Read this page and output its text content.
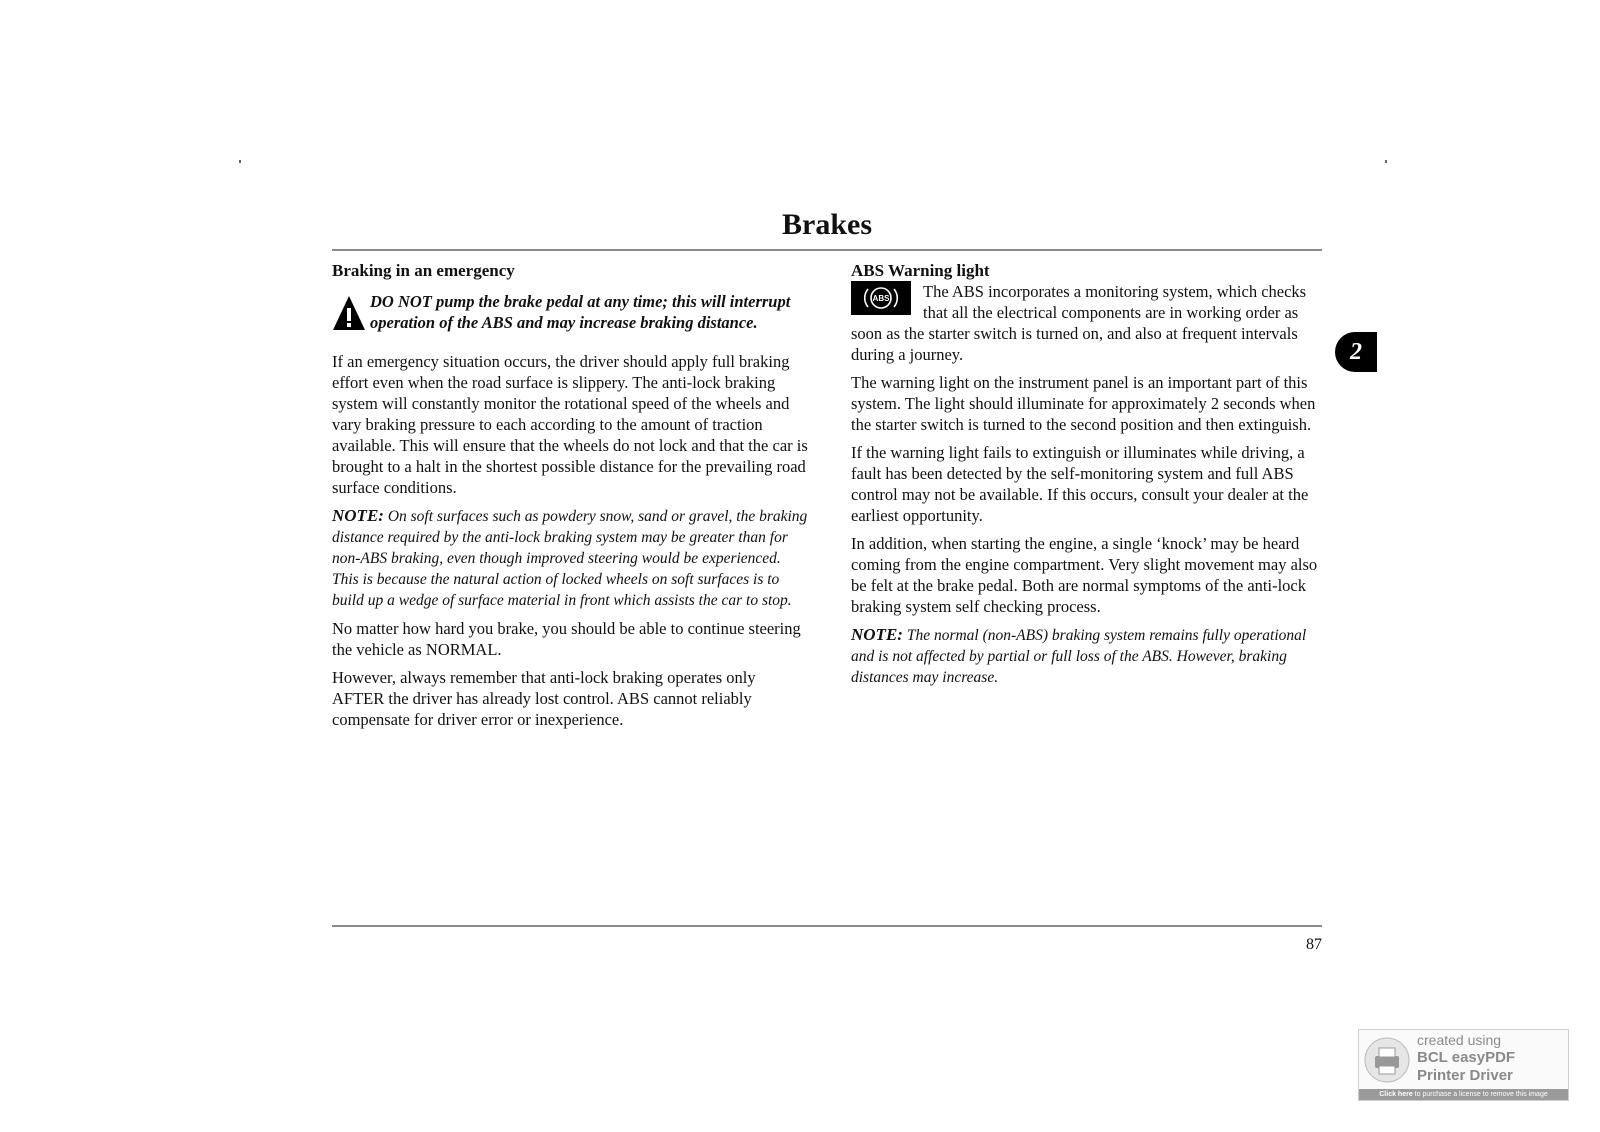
Brakes
Braking in an emergency
DO NOT pump the brake pedal at any time; this will interrupt operation of the ABS and may increase braking distance.

If an emergency situation occurs, the driver should apply full braking effort even when the road surface is slippery. The anti-lock braking system will constantly monitor the rotational speed of the wheels and vary braking pressure to each according to the amount of traction available. This will ensure that the wheels do not lock and that the car is brought to a halt in the shortest possible distance for the prevailing road surface conditions.

NOTE: On soft surfaces such as powdery snow, sand or gravel, the braking distance required by the anti-lock braking system may be greater than for non-ABS braking, even though improved steering would be experienced. This is because the natural action of locked wheels on soft surfaces is to build up a wedge of surface material in front which assists the car to stop.

No matter how hard you brake, you should be able to continue steering the vehicle as NORMAL.

However, always remember that anti-lock braking operates only AFTER the driver has already lost control. ABS cannot reliably compensate for driver error or inexperience.

ABS Warning light

ABS The ABS incorporates a monitoring system, which checks that all the electrical components are in working order as soon as the starter switch is turned on, and also at frequent intervals during a journey.

The warning light on the instrument panel is an important part of this system. The light should illuminate for approximately 2 seconds when the starter switch is turned to the second position and then extinguish.

If the warning light fails to extinguish or illuminates while driving, a fault has been detected by the self-monitoring system and full ABS control may not be available. If this occurs, consult your dealer at the earliest opportunity.

In addition, when starting the engine, a single ‘knock’ may be heard coming from the engine compartment. Very slight movement may also be felt at the brake pedal. Both are normal symptoms of the anti-lock braking system self checking process.

NOTE: The normal (non-ABS) braking system remains fully operational and is not affected by partial or full loss of the ABS. However, braking distances may increase.

2
87
created using
BCL easyPDF
Printer Driver
Click here to purchase a license to remove this image
